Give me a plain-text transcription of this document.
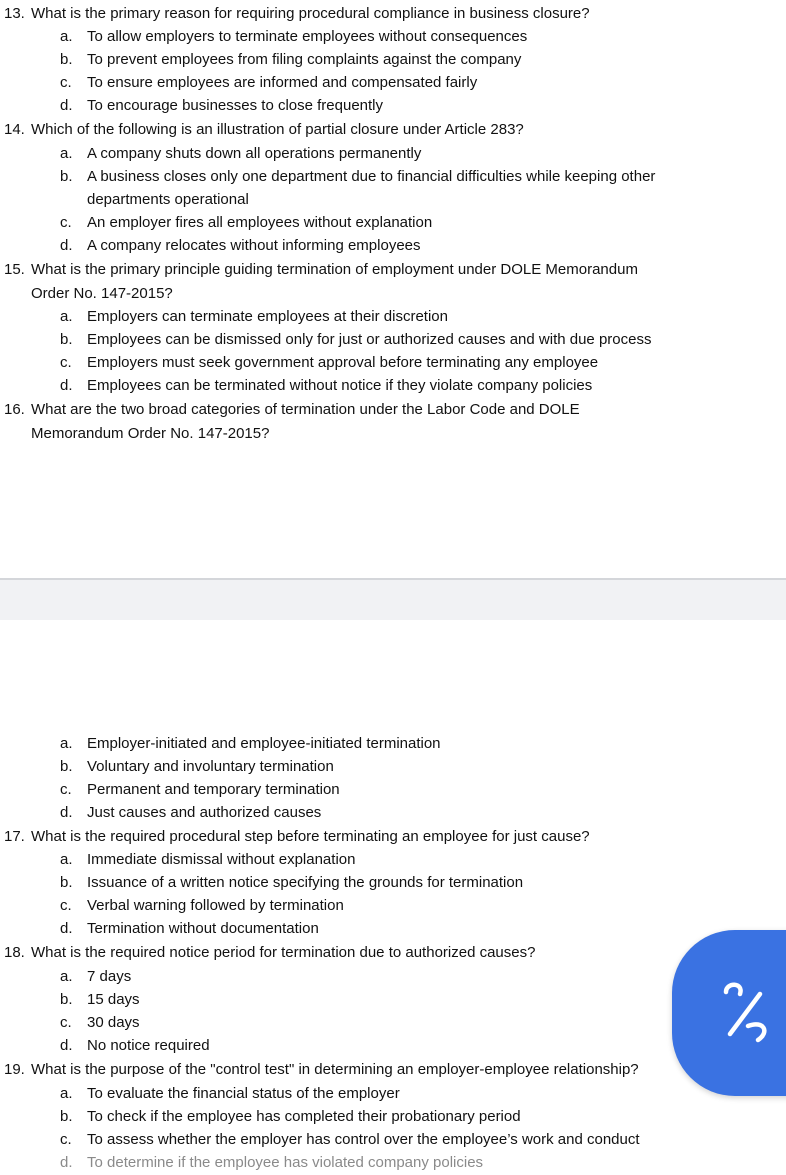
13. What is the primary reason for requiring procedural compliance in business closure?
a. To allow employers to terminate employees without consequences
b. To prevent employees from filing complaints against the company
c. To ensure employees are informed and compensated fairly
d. To encourage businesses to close frequently
14. Which of the following is an illustration of partial closure under Article 283?
a. A company shuts down all operations permanently
b. A business closes only one department due to financial difficulties while keeping other
departments operational
c. An employer fires all employees without explanation
d. A company relocates without informing employees
15. What is the primary principle guiding termination of employment under DOLE Memorandum
Order No. 147-2015?
a. Employers can terminate employees at their discretion
b. Employees can be dismissed only for just or authorized causes and with due process
c. Employers must seek government approval before terminating any employee
d. Employees can be terminated without notice if they violate company policies
16. What are the two broad categories of termination under the Labor Code and DOLE
Memorandum Order No. 147-2015?
a. Employer-initiated and employee-initiated termination
b. Voluntary and involuntary termination
c. Permanent and temporary termination
d. Just causes and authorized causes
17. What is the required procedural step before terminating an employee for just cause?
a. Immediate dismissal without explanation
b. Issuance of a written notice specifying the grounds for termination
c. Verbal warning followed by termination
d. Termination without documentation
18. What is the required notice period for termination due to authorized causes?
a. 7 days
b. 15 days
c. 30 days
d. No notice required
19. What is the purpose of the "control test" in determining an employer-employee relationship?
a. To evaluate the financial status of the employer
b. To check if the employee has completed their probationary period
c. To assess whether the employer has control over the employee’s work and conduct
d. To determine if the employee has violated company policies
